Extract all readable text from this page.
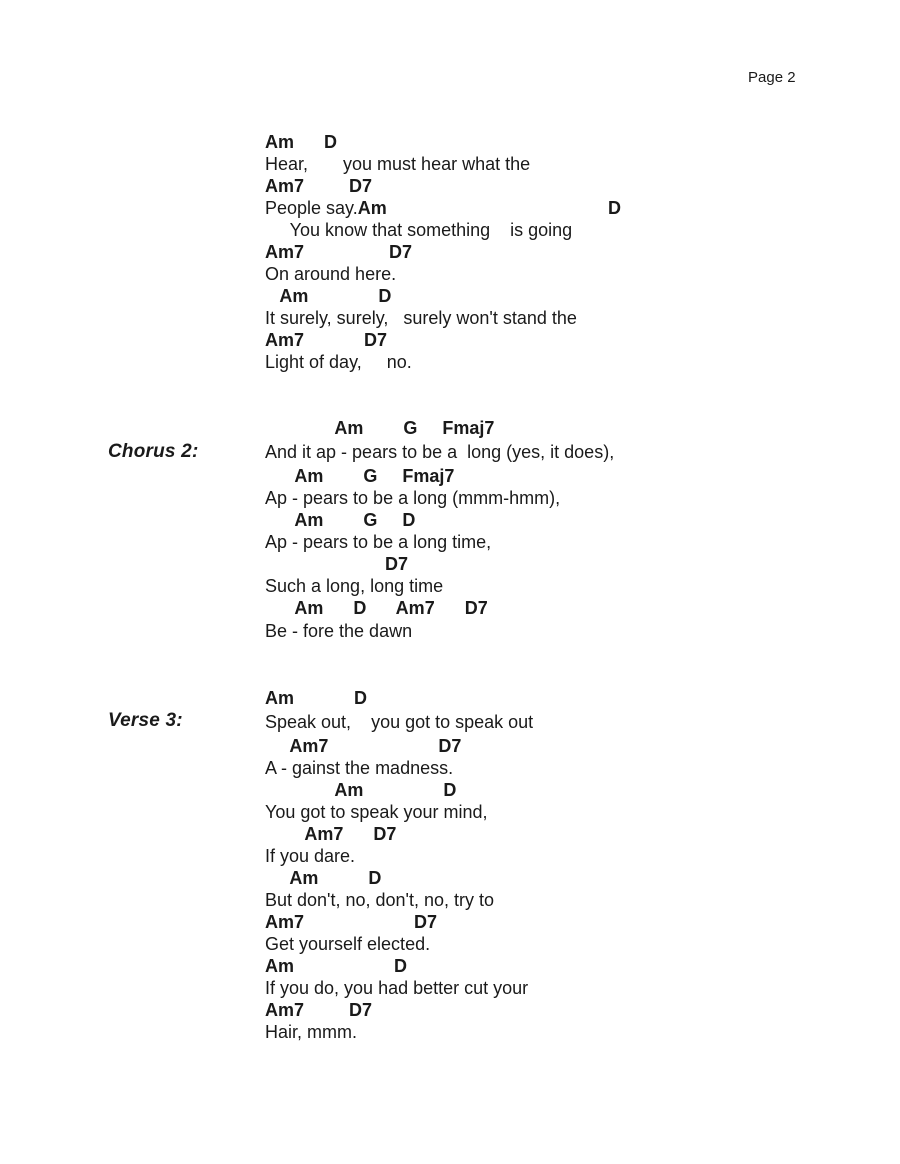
Page 2
Chorus 2:
Verse 3:
Am      D
Hear,       you must hear what the
Am7         D7
People say.Am
You know that something    is going
Am7                 D7
On around here.
Am              D
It surely, surely,   surely won't stand the
Am7            D7
Light of day,     no.
Am        G     Fmaj7
And it ap - pears to be a  long (yes, it does),
Am        G     Fmaj7
Ap - pears to be a long (mmm-hmm),
Am        G     D
Ap - pears to be a long time,
D7
Such a long, long time
Am      D      Am7      D7
Be - fore the dawn
Am            D
Speak out,    you got to speak out
Am7                      D7
A - gainst the madness.
Am                D
You got to speak your mind,
Am7      D7
If you dare.
Am          D
But don't, no, don't, no, try to
Am7                      D7
Get yourself elected.
Am                    D
If you do, you had better cut your
Am7         D7
Hair, mmm.
D
